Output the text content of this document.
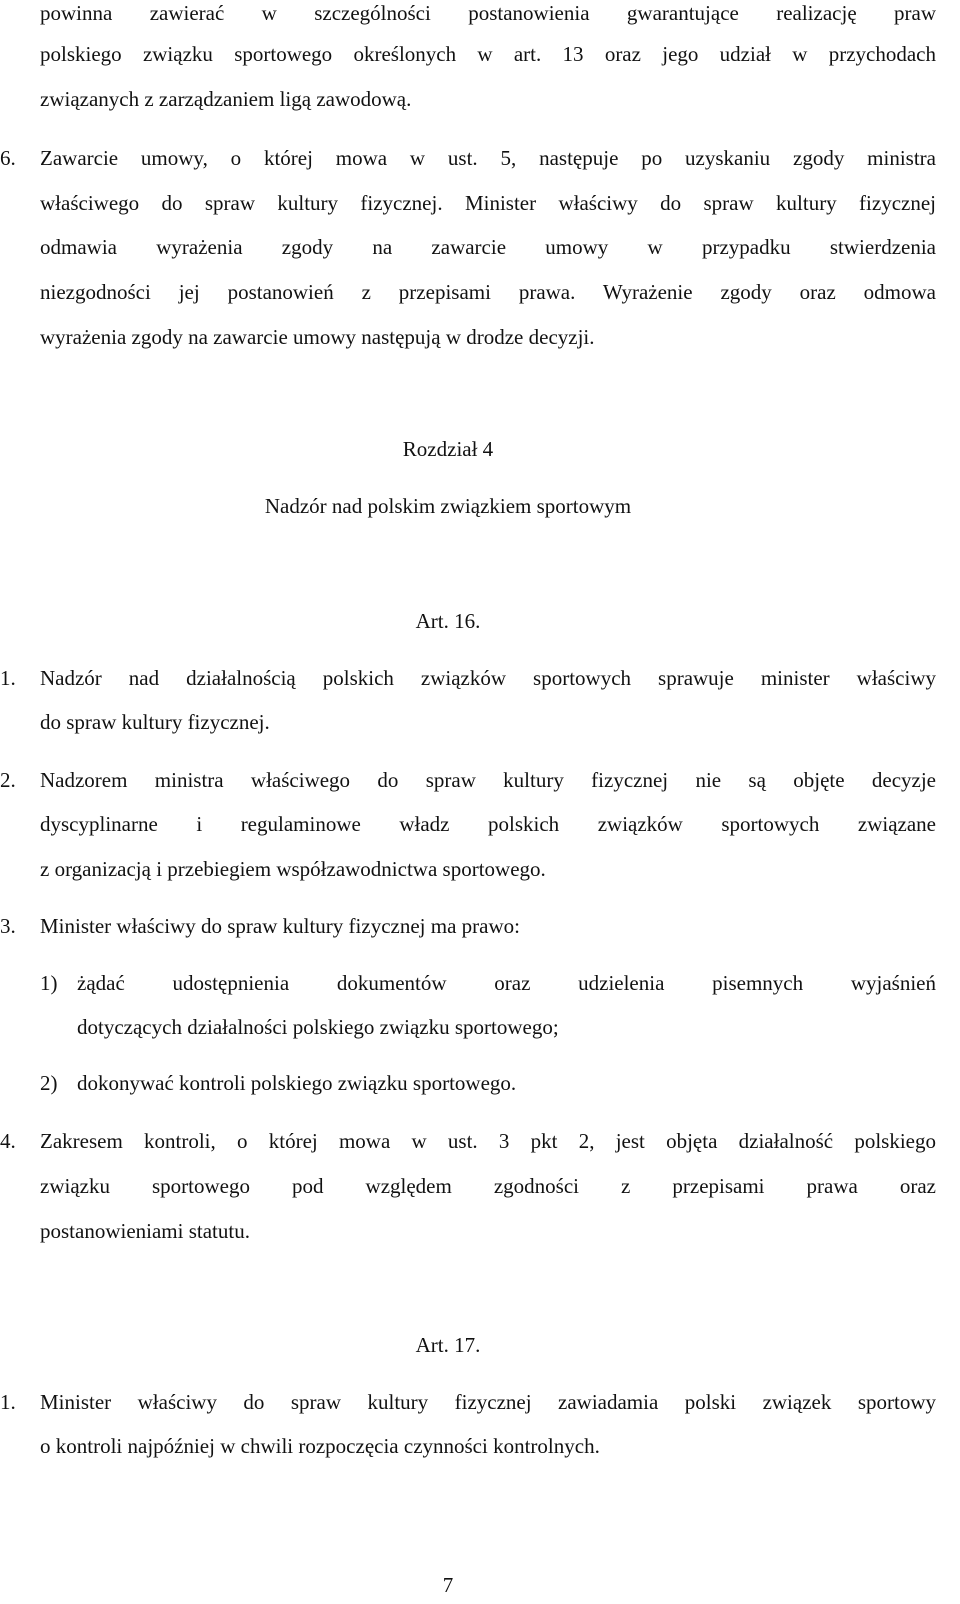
powinna zawierać w szczególności postanowienia gwarantujące realizację praw
polskiego związku sportowego określonych w art. 13 oraz jego udział w przychodach
związanych z zarządzaniem ligą zawodową.
6. Zawarcie umowy, o której mowa w ust. 5, następuje po uzyskaniu zgody ministra
właściwego do spraw kultury fizycznej. Minister właściwy do spraw kultury fizycznej
odmawia wyrażenia zgody na zawarcie umowy w przypadku stwierdzenia
niezgodności jej postanowień z przepisami prawa. Wyrażenie zgody oraz odmowa
wyrażenia zgody na zawarcie umowy następują w drodze decyzji.
Rozdział 4
Nadzór nad polskim związkiem sportowym
Art. 16.
1. Nadzór nad działalnością polskich związków sportowych sprawuje minister właściwy
do spraw kultury fizycznej.
2. Nadzorem ministra właściwego do spraw kultury fizycznej nie są objęte decyzje
dyscyplinarne i regulaminowe władz polskich związków sportowych związane
z organizacją i przebiegiem współzawodnictwa sportowego.
3. Minister właściwy do spraw kultury fizycznej ma prawo:
1) żądać udostępnienia dokumentów oraz udzielenia pisemnych wyjaśnień
dotyczących działalności polskiego związku sportowego;
2) dokonywać kontroli polskiego związku sportowego.
4. Zakresem kontroli, o której mowa w ust. 3 pkt 2, jest objęta działalność polskiego
związku sportowego pod względem zgodności z przepisami prawa oraz
postanowieniami statutu.
Art. 17.
1. Minister właściwy do spraw kultury fizycznej zawiadamia polski związek sportowy
o kontroli najpóźniej w chwili rozpoczęcia czynności kontrolnych.
7
